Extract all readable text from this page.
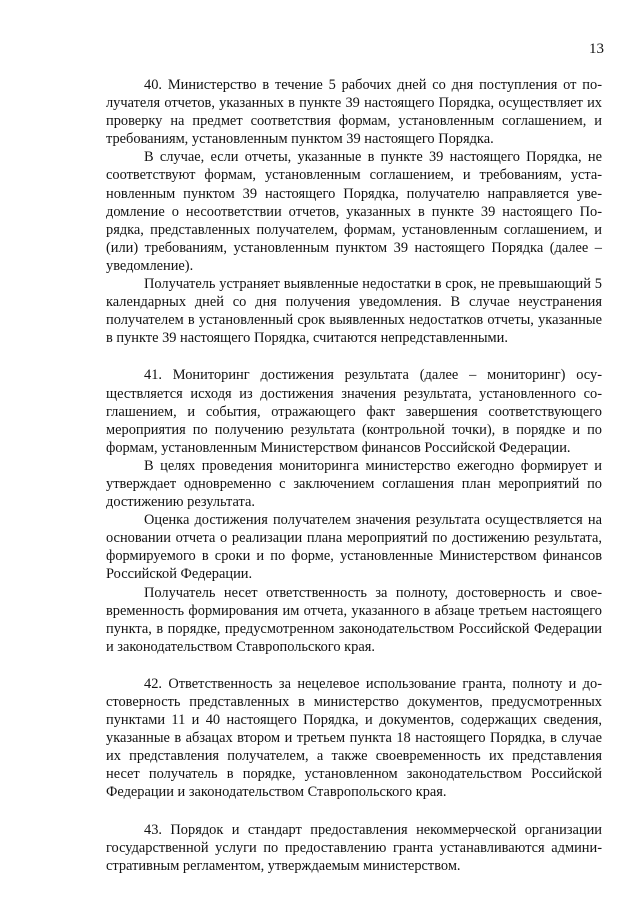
13

40. Министерство в течение 5 рабочих дней со дня поступления от получателя отчетов, указанных в пункте 39 настоящего Порядка, осуществляет их проверку на предмет соответствия формам, установленным соглашением, и требованиям, установленным пунктом 39 настоящего Порядка.

В случае, если отчеты, указанные в пункте 39 настоящего Порядка, не соответствуют формам, установленным соглашением, и требованиям, установленным пунктом 39 настоящего Порядка, получателю направляется уведомление о несоответствии отчетов, указанных в пункте 39 настоящего Порядка, представленных получателем, формам, установленным соглашением, и (или) требованиям, установленным пунктом 39 настоящего Порядка (далее – уведомление).

Получатель устраняет выявленные недостатки в срок, не превышающий 5 календарных дней со дня получения уведомления. В случае неустранения получателем в установленный срок выявленных недостатков отчеты, указанные в пункте 39 настоящего Порядка, считаются непредставленными.

41. Мониторинг достижения результата (далее – мониторинг) осуществляется исходя из достижения значения результата, установленного соглашением, и события, отражающего факт завершения соответствующего мероприятия по получению результата (контрольной точки), в порядке и по формам, установленным Министерством финансов Российской Федерации.

В целях проведения мониторинга министерство ежегодно формирует и утверждает одновременно с заключением соглашения план мероприятий по достижению результата.

Оценка достижения получателем значения результата осуществляется на основании отчета о реализации плана мероприятий по достижению результата, формируемого в сроки и по форме, установленные Министерством финансов Российской Федерации.

Получатель несет ответственность за полноту, достоверность и своевременность формирования им отчета, указанного в абзаце третьем настоящего пункта, в порядке, предусмотренном законодательством Российской Федерации и законодательством Ставропольского края.

42. Ответственность за нецелевое использование гранта, полноту и достоверность представленных в министерство документов, предусмотренных пунктами 11 и 40 настоящего Порядка, и документов, содержащих сведения, указанные в абзацах втором и третьем пункта 18 настоящего Порядка, в случае их представления получателем, а также своевременность их представления несет получатель в порядке, установленном законодательством Российской Федерации и законодательством Ставропольского края.

43. Порядок и стандарт предоставления некоммерческой организации государственной услуги по предоставлению гранта устанавливаются административным регламентом, утверждаемым министерством.
